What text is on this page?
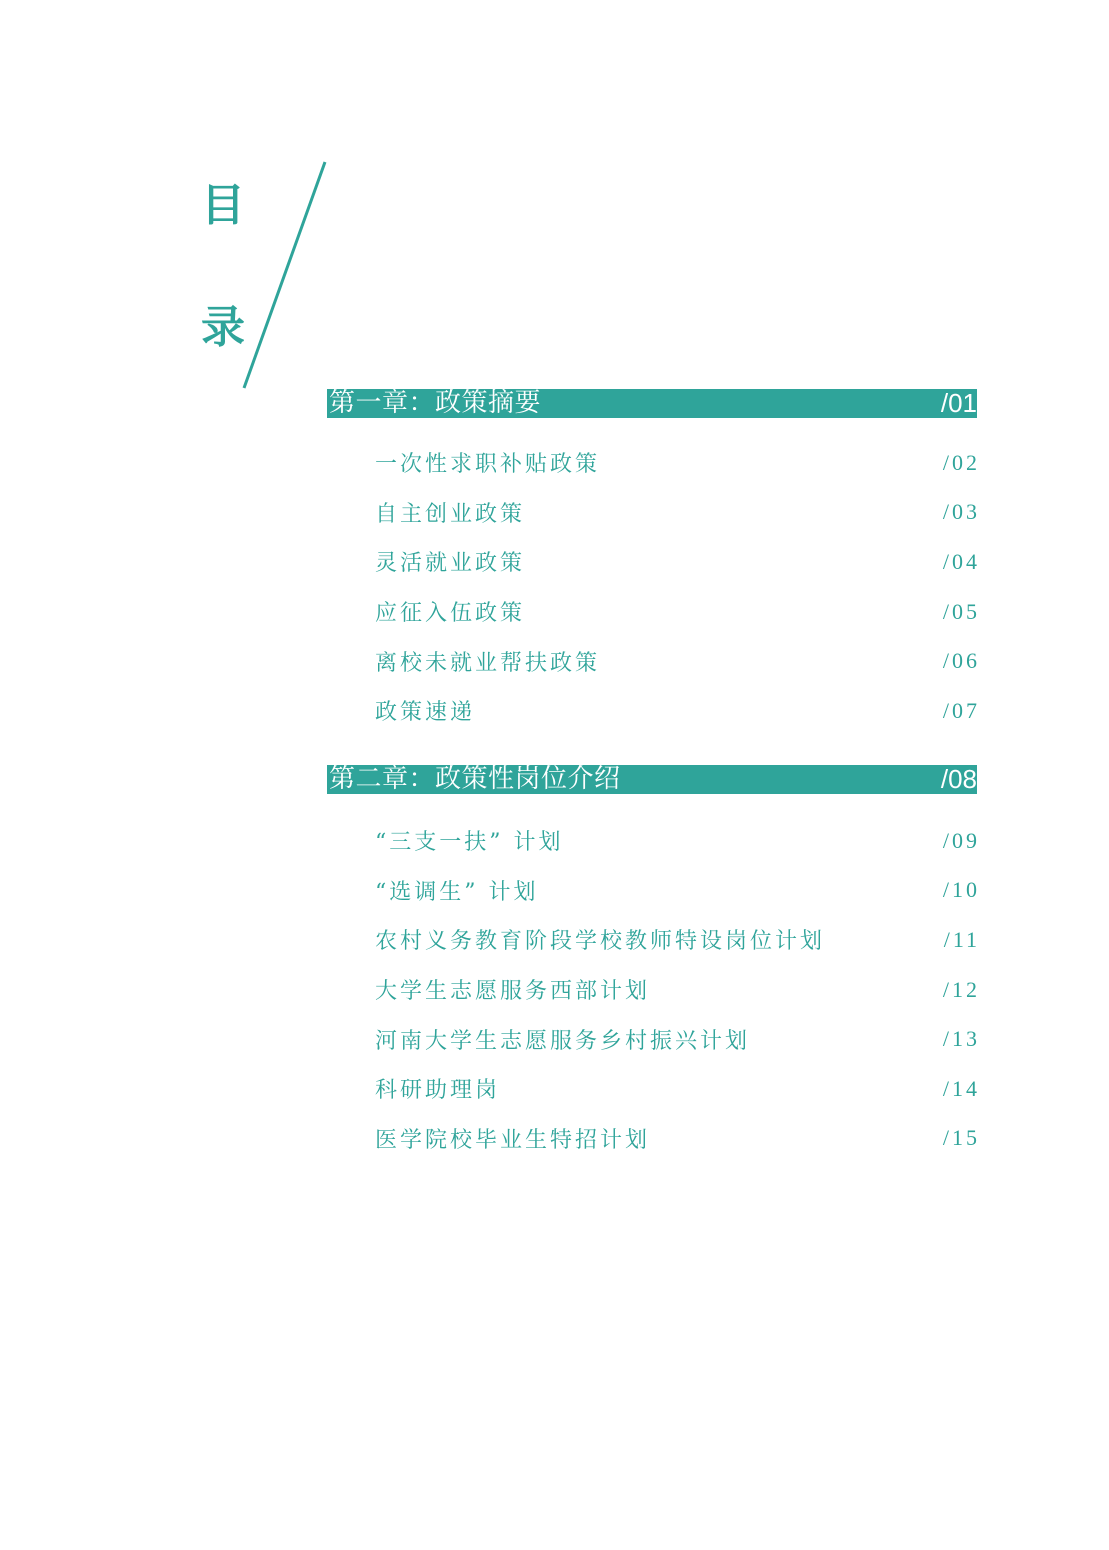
目
录
第一章：政策摘要	/01
一次性求职补贴政策	/02
自主创业政策	/03
灵活就业政策	/04
应征入伍政策	/05
离校未就业帮扶政策	/06
政策速递	/07
第二章：政策性岗位介绍	/08
“三支一扶” 计划	/09
“选调生” 计划	/10
农村义务教育阶段学校教师特设岗位计划	/11
大学生志愿服务西部计划	/12
河南大学生志愿服务乡村振兴计划	/13
科研助理岗	/14
医学院校毕业生特招计划	/15
